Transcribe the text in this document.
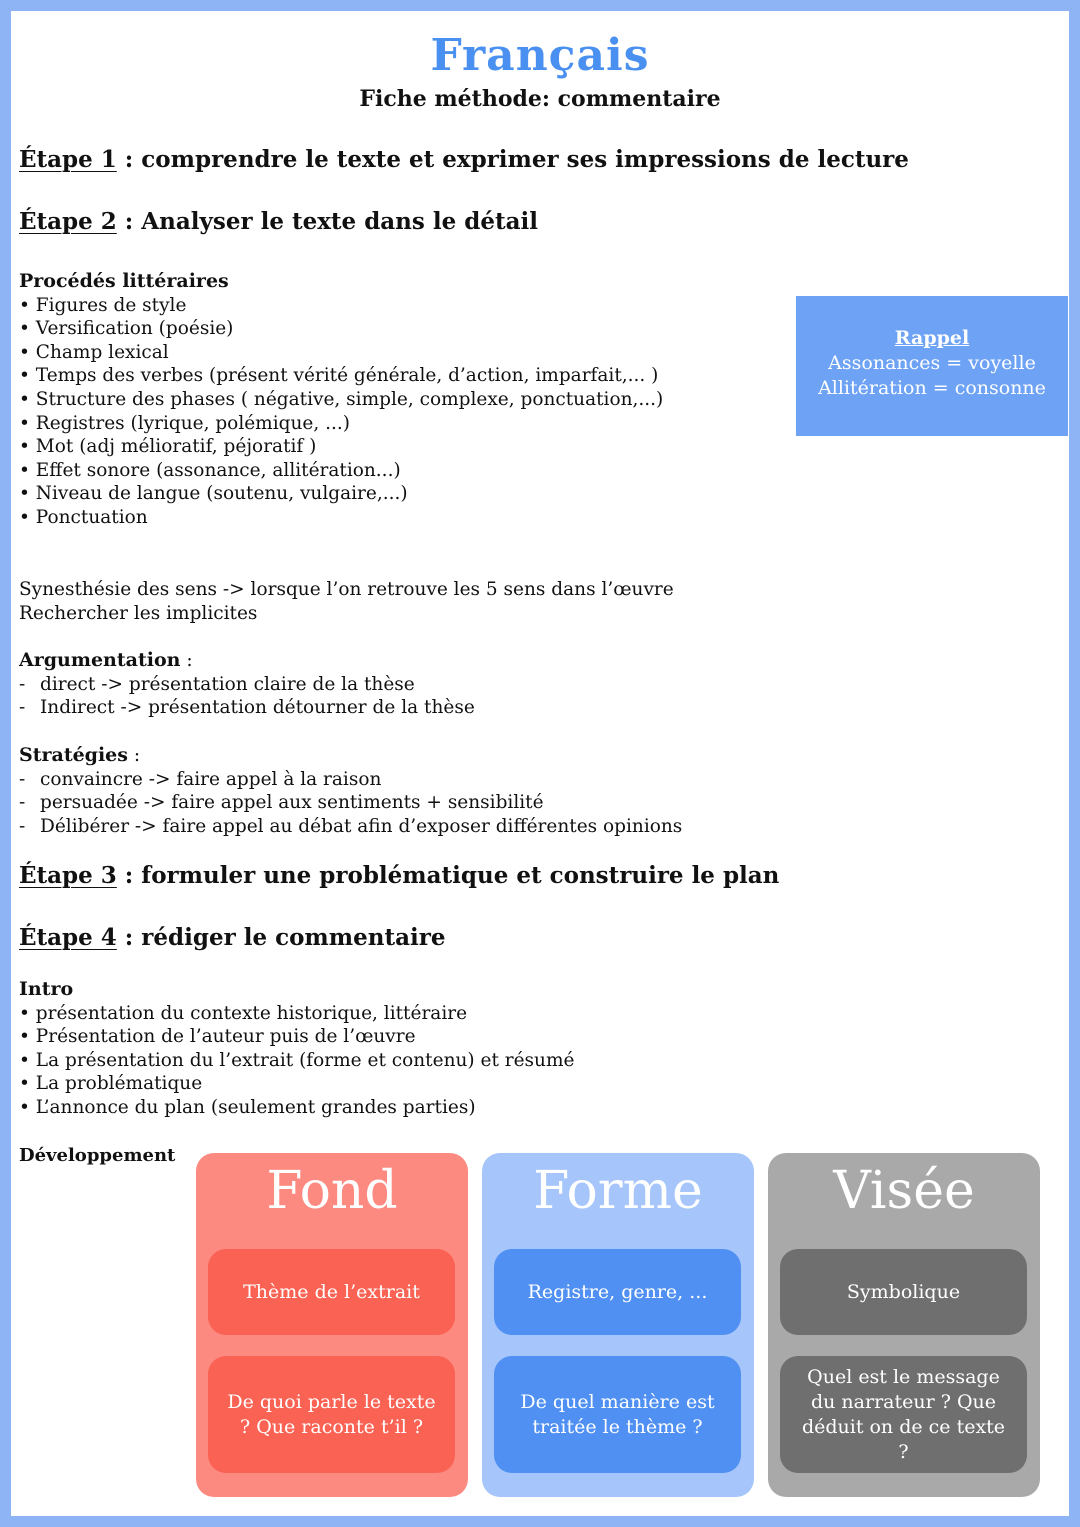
Français
Fiche méthode: commentaire
Étape 1 : comprendre le texte et exprimer ses impressions de lecture
Étape 2 : Analyser le texte dans le détail
Procédés littéraires
• Figures de style
• Versification (poésie)
• Champ lexical
• Temps des verbes (présent vérité générale, d’action, imparfait,... )
• Structure des phases ( négative, simple, complexe, ponctuation,...)
• Registres (lyrique, polémique, ...)
• Mot (adj mélioratif, péjoratif )
• Effet sonore (assonance, allitération...)
• Niveau de langue (soutenu, vulgaire,...)
• Ponctuation
Rappel
Assonances = voyelle
Allitération = consonne
Synesthésie des sens -> lorsque l’on retrouve les 5 sens dans l’œuvre
Rechercher les implicites
Argumentation :
- direct -> présentation claire de la thèse
- Indirect -> présentation détourner de la thèse
Stratégies :
- convaincre -> faire appel à la raison
- persuadée -> faire appel aux sentiments + sensibilité
- Délibérer -> faire appel au débat afin d’exposer différentes opinions
Étape 3 : formuler une problématique et construire le plan
Étape 4 : rédiger le commentaire
Intro
• présentation du contexte historique, littéraire
• Présentation de l’auteur puis de l’œuvre
• La présentation du l’extrait (forme et contenu) et résumé
• La problématique
• L’annonce du plan (seulement grandes parties)
Développement
Fond
Thème de l’extrait
De quoi parle le texte ? Que raconte t’il ?
Forme
Registre, genre, ...
De quel manière est traitée le thème ?
Visée
Symbolique
Quel est le message du narrateur ? Que déduit on de ce texte ?
